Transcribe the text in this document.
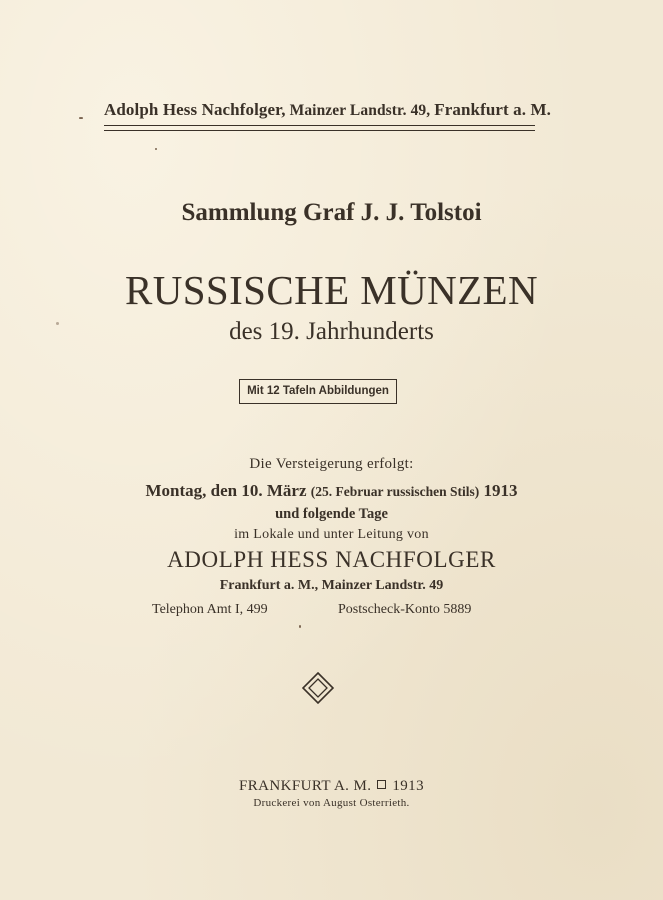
Adolph Hess Nachfolger, Mainzer Landstr. 49, Frankfurt a. M.
Sammlung Graf J. J. Tolstoi
RUSSISCHE MÜNZEN
des 19. Jahrhunderts
Mit 12 Tafeln Abbildungen
Die Versteigerung erfolgt:
Montag, den 10. März (25. Februar russischen Stils) 1913
und folgende Tage
im Lokale und unter Leitung von
ADOLPH HESS NACHFOLGER
Frankfurt a. M., Mainzer Landstr. 49
Telephon Amt I, 499	Postscheck-Konto 5889
FRANKFURT A. M. 1913
Druckerei von August Osterrieth.
